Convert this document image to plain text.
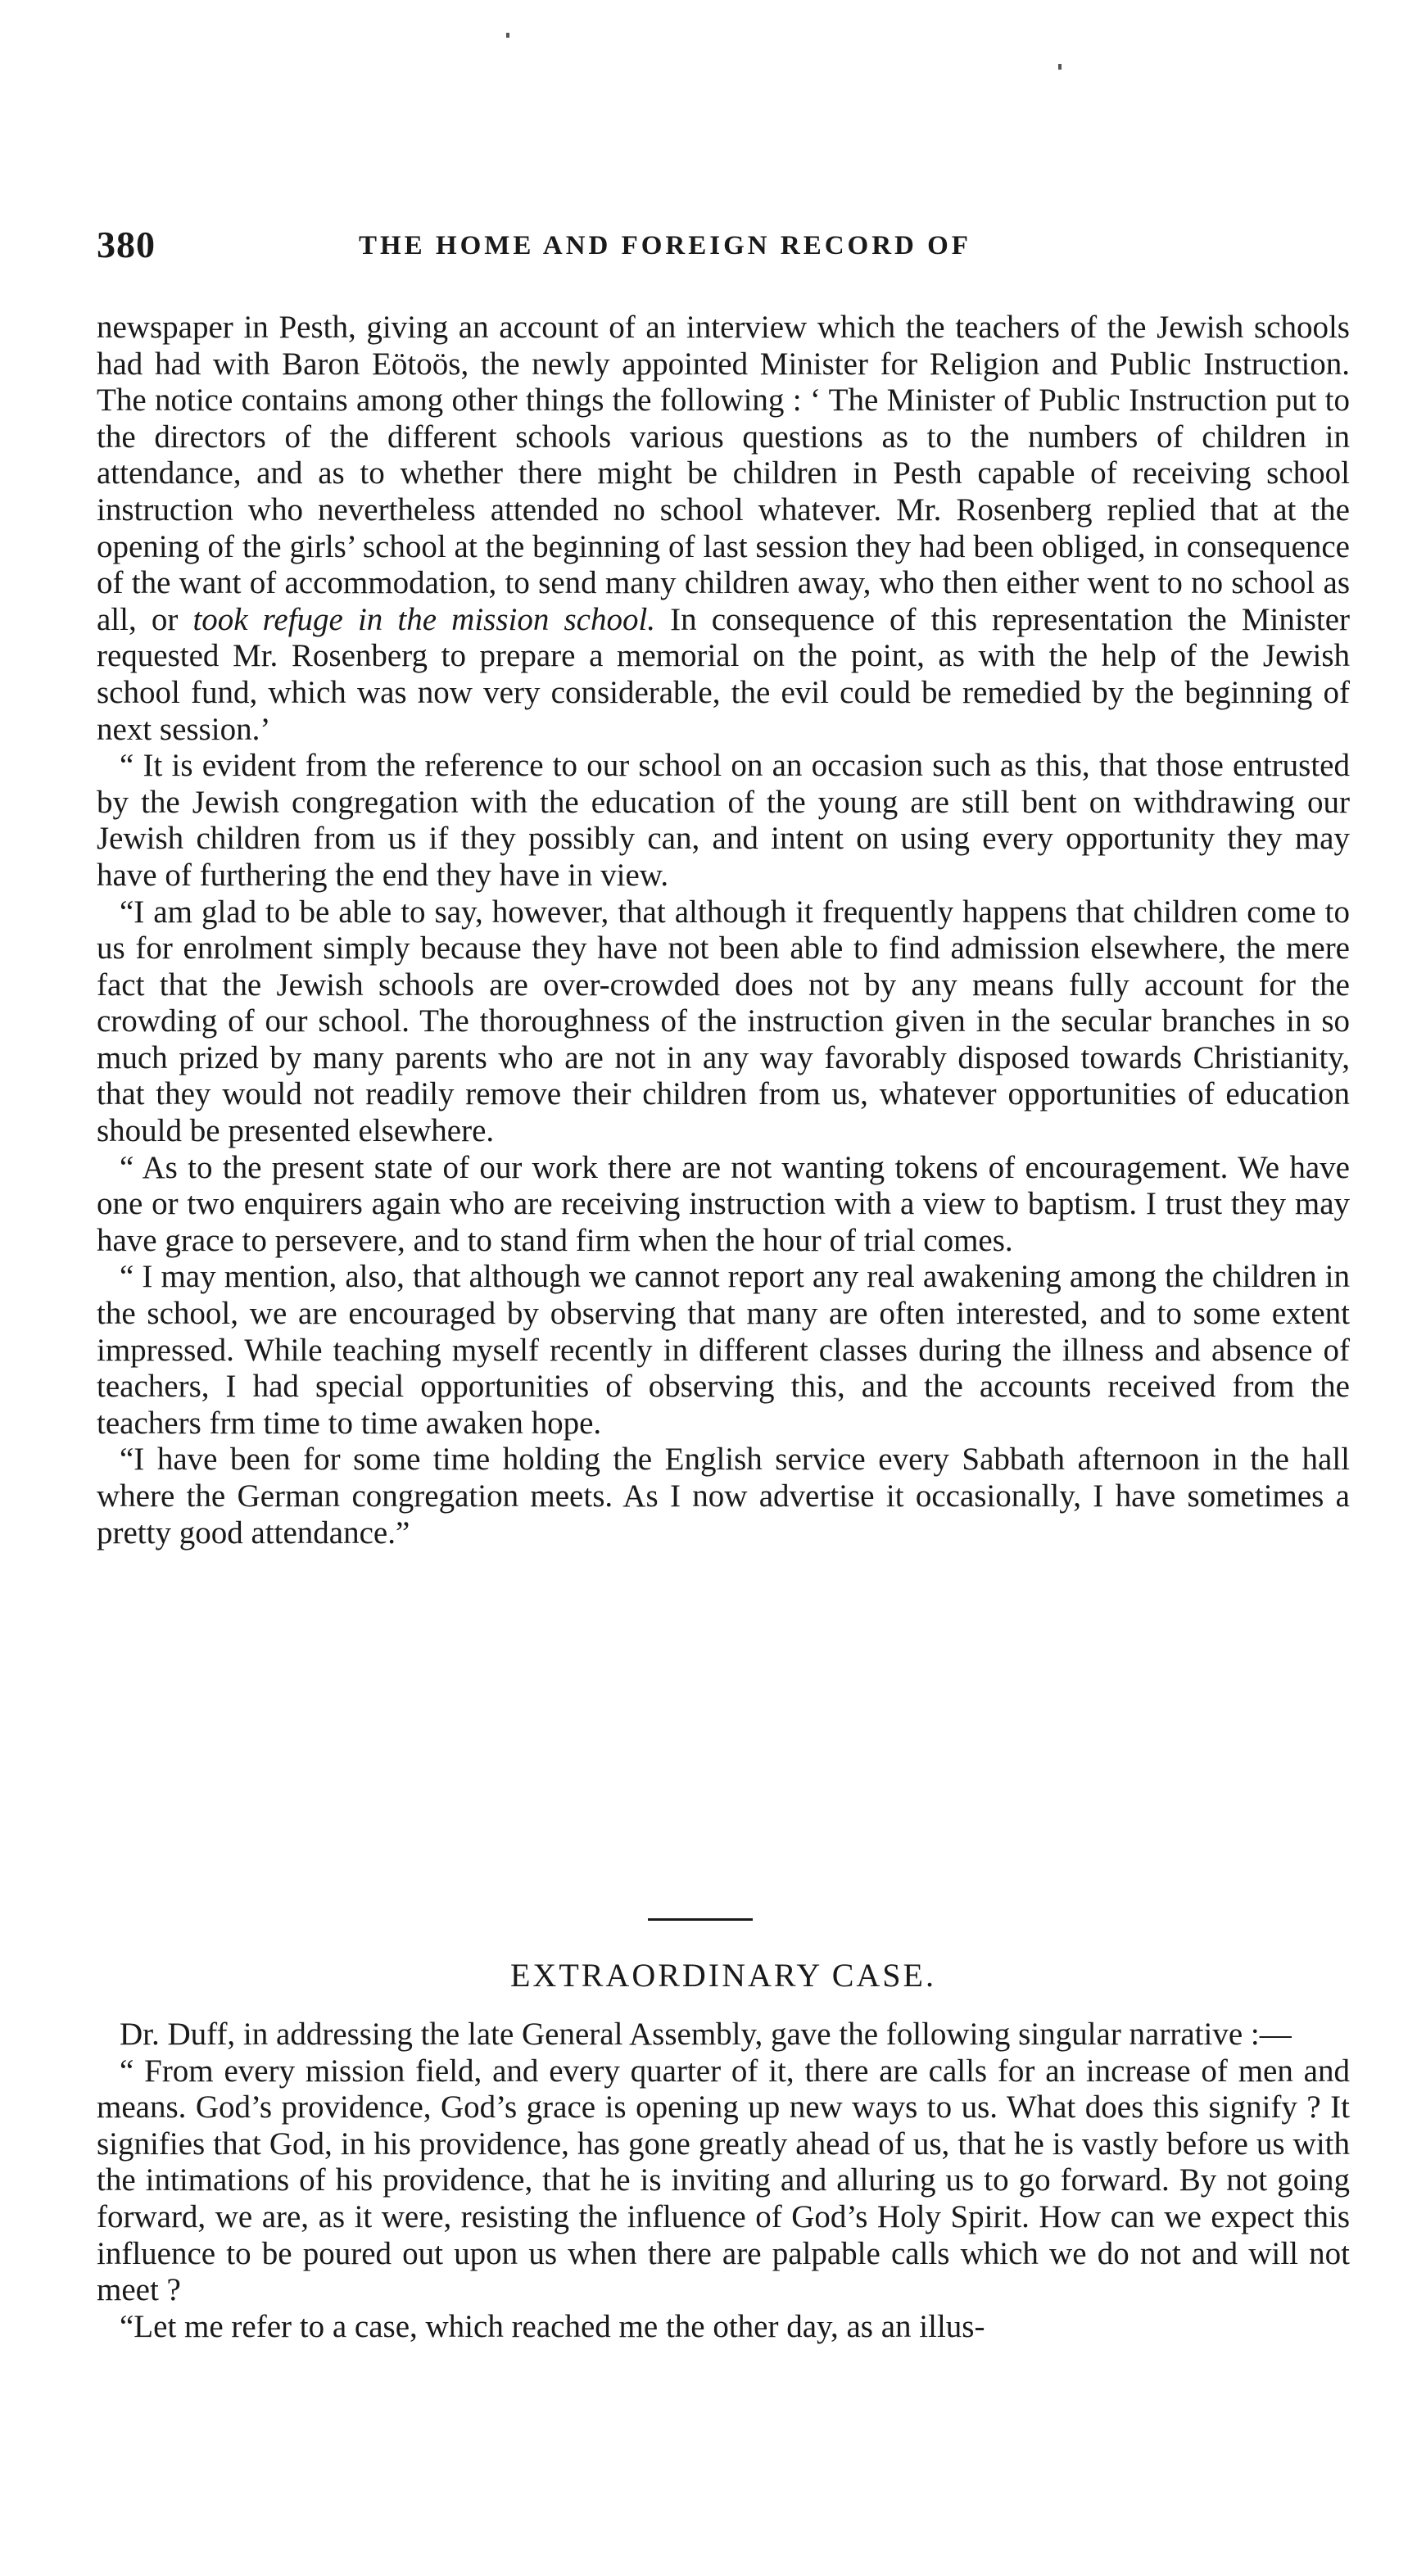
380	THE HOME AND FOREIGN RECORD OF

newspaper in Pesth, giving an account of an interview which the teachers of the Jewish schools had had with Baron Eötoös, the newly appointed Minister for Religion and Public Instruction. The notice contains among other things the following : ‘ The Minister of Public Instruction put to the directors of the different schools various questions as to the numbers of children in attendance, and as to whether there might be children in Pesth capable of receiving school instruction who nevertheless attended no school whatever. Mr. Rosenberg replied that at the opening of the girls’ school at the beginning of last session they had been obliged, in consequence of the want of accommodation, to send many children away, who then either went to no school as all, or took refuge in the mission school. In consequence of this representation the Minister requested Mr. Rosenberg to prepare a memorial on the point, as with the help of the Jewish school fund, which was now very considerable, the evil could be remedied by the beginning of next session.’

“ It is evident from the reference to our school on an occasion such as this, that those entrusted by the Jewish congregation with the education of the young are still bent on withdrawing our Jewish children from us if they possibly can, and intent on using every opportunity they may have of furthering the end they have in view.

“I am glad to be able to say, however, that although it frequently happens that children come to us for enrolment simply because they have not been able to find admission elsewhere, the mere fact that the Jewish schools are over-crowded does not by any means fully account for the crowding of our school. The thoroughness of the instruction given in the secular branches in so much prized by many parents who are not in any way favorably disposed towards Christianity, that they would not readily remove their children from us, whatever opportunities of education should be presented elsewhere.

“ As to the present state of our work there are not wanting tokens of encouragement. We have one or two enquirers again who are receiving instruction with a view to baptism. I trust they may have grace to persevere, and to stand firm when the hour of trial comes.

“ I may mention, also, that although we cannot report any real awakening among the children in the school, we are encouraged by observing that many are often interested, and to some extent impressed. While teaching myself recently in different classes during the illness and absence of teachers, I had special opportunities of observing this, and the accounts received from the teachers frm time to time awaken hope.

“I have been for some time holding the English service every Sabbath afternoon in the hall where the German congregation meets. As I now advertise it occasionally, I have sometimes a pretty good attendance.”

EXTRAORDINARY CASE.

Dr. Duff, in addressing the late General Assembly, gave the following singular narrative :—

“ From every mission field, and every quarter of it, there are calls for an increase of men and means. God’s providence, God’s grace is opening up new ways to us. What does this signify ? It signifies that God, in his providence, has gone greatly ahead of us, that he is vastly before us with the intimations of his providence, that he is inviting and alluring us to go forward. By not going forward, we are, as it were, resisting the influence of God’s Holy Spirit. How can we expect this influence to be poured out upon us when there are palpable calls which we do not and will not meet ?

“Let me refer to a case, which reached me the other day, as an illus-
